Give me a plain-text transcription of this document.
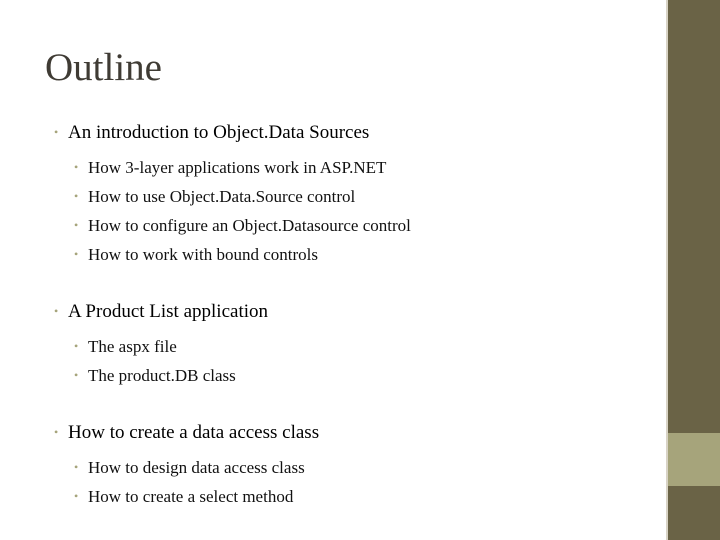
Outline
• An introduction to Object.Data Sources
• How 3-layer applications work in ASP.NET
• How to use Object.Data.Source control
• How to configure an Object.Datasource control
• How to work with bound controls
• A Product List application
• The aspx file
• The product.DB class
• How to create a data access class
• How to design data access class
• How to create a select method
